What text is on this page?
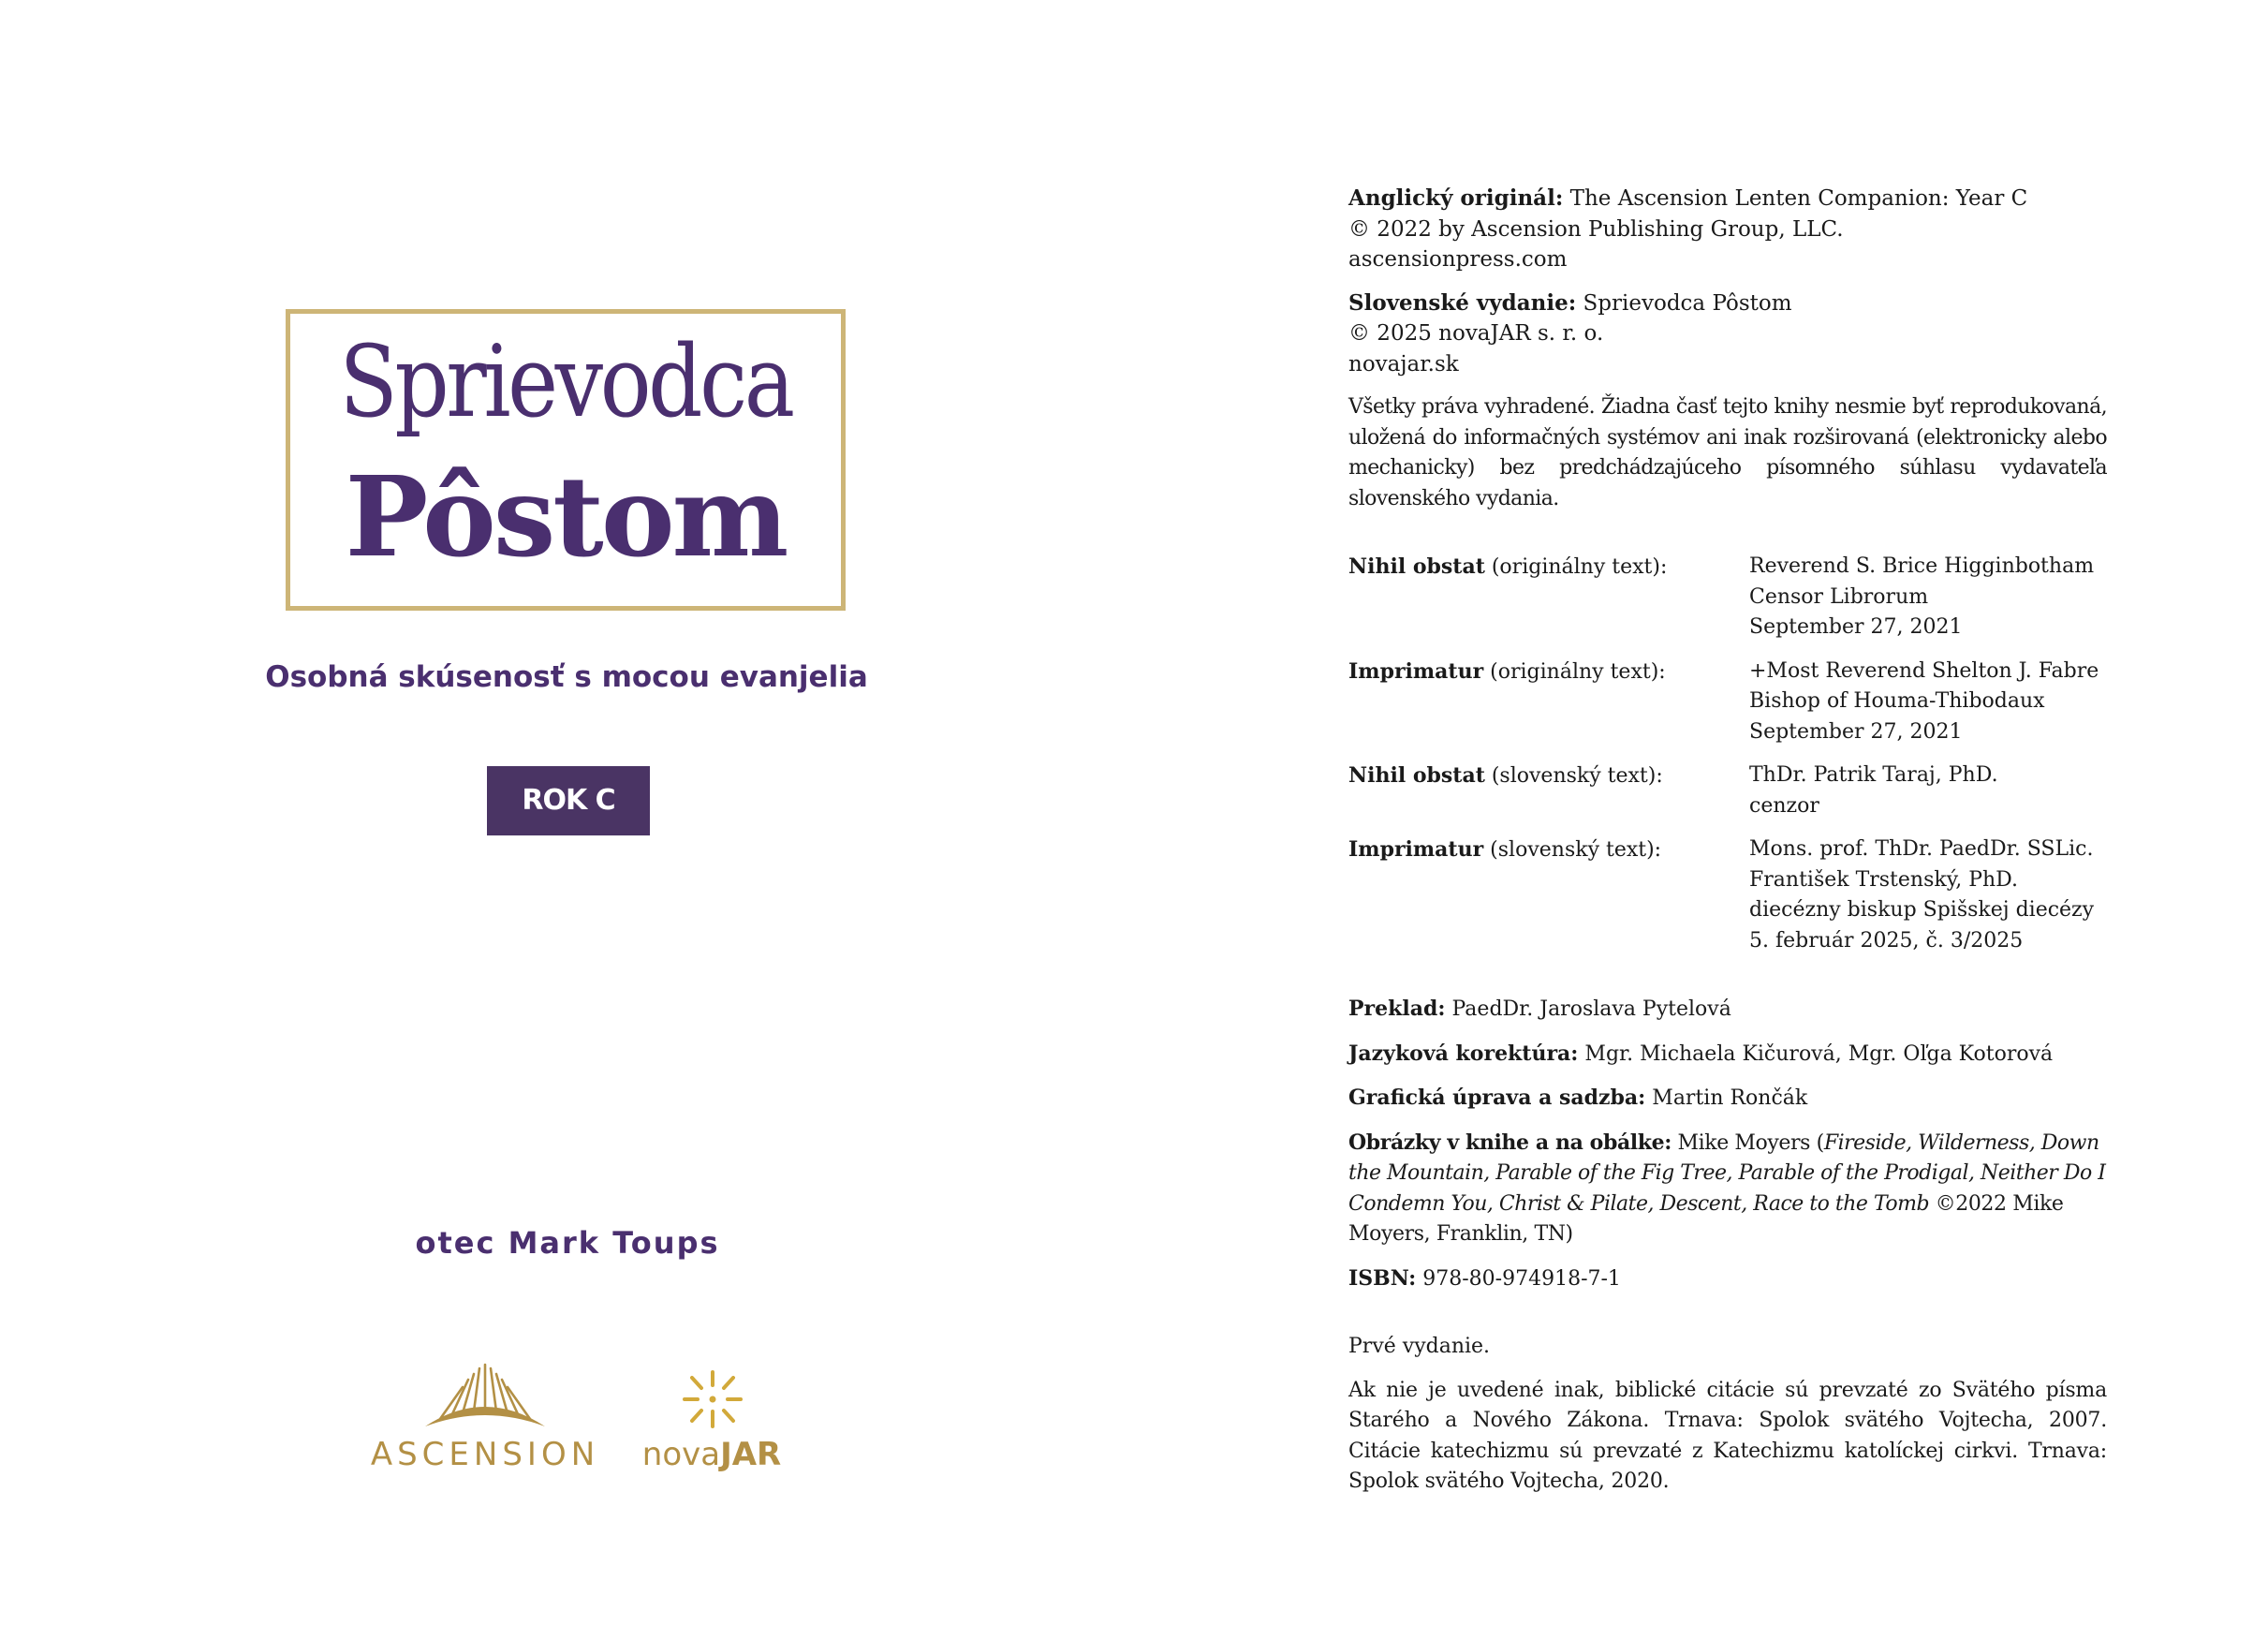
Sprievodca
Pôstom
Osobná skúsenosť s mocou evanjelia
ROK C
otec Mark Toups
ASCENSION	novaJAR

Anglický originál: The Ascension Lenten Companion: Year C

© 2022 by Ascension Publishing Group, LLC.

ascensionpress.com

Slovenské vydanie: Sprievodca Pôstom

© 2025 novaJAR s. r. o.

novajar.sk

Všetky práva vyhradené. Žiadna časť tejto knihy nesmie byť reprodukovaná, uložená do informačných systémov ani inak rozširovaná (elektronicky alebo mechanicky) bez predchádzajúceho písomného súhlasu vydavateľa slovenského vydania.

Nihil obstat (originálny text):	Reverend S. Brice Higginbotham

Censor Librorum

September 27, 2021

Imprimatur (originálny text):	+Most Reverend Shelton J. Fabre

Bishop of Houma-Thibodaux

September 27, 2021

Nihil obstat (slovenský text):	ThDr. Patrik Taraj, PhD.

cenzor

Imprimatur (slovenský text):	Mons. prof. ThDr. PaedDr. SSLic.

František Trstenský, PhD.

diecézny biskup Spišskej diecézy

5. február 2025, č. 3/2025

Preklad: PaedDr. Jaroslava Pytelová

Jazyková korektúra: Mgr. Michaela Kičurová, Mgr. Oľga Kotorová

Grafická úprava a sadzba: Martin Rončák

Obrázky v knihe a na obálke: Mike Moyers (Fireside, Wilderness, Down the Mountain, Parable of the Fig Tree, Parable of the Prodigal, Neither Do I Condemn You, Christ & Pilate, Descent, Race to the Tomb ©2022 Mike Moyers, Franklin, TN)

ISBN: 978-80-974918-7-1

Prvé vydanie.

Ak nie je uvedené inak, biblické citácie sú prevzaté zo Svätého písma Starého a Nového Zákona. Trnava: Spolok svätého Vojtecha, 2007. Citácie katechizmu sú prevzaté z Katechizmu katolíckej cirkvi. Trnava: Spolok svätého Vojtecha, 2020.
